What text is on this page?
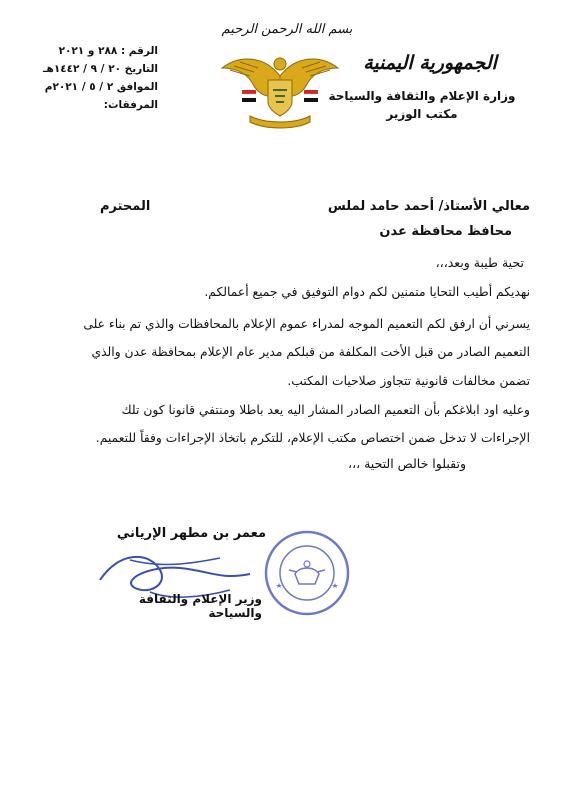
الجمهورية اليمنية
وزارة الإعلام والثقافة والسياحة
مكتب الوزير
بسم الله الرحمن الرحيم
الرقم : ٢٨٨ و ٢٠٢١
التاريخ ٢٠ / ٩ / ١٤٤٢هـ
الموافق ٢ / ٥ / ٢٠٢١م
المرفقات:
معالي الأستاذ/ أحمد حامد لملس
المحترم
محافظ محافظة عدن
تحية طيبة وبعد،،،
نهديكم أطيب التحايا متمنين لكم دوام التوفيق في جميع أعمالكم.
يسرني أن ارفق لكم التعميم الموجه لمدراء عموم الإعلام بالمحافظات والذي تم بناء على
التعميم الصادر من قبل الأخت المكلفة من قبلكم مدير عام الإعلام بمحافظة عدن والذي
تضمن مخالفات قانونية تتجاوز صلاحيات المكتب.
وعليه اود ابلاغكم بأن التعميم الصادر المشار اليه يعد باطلا ومنتفي قانونا كون تلك
الإجراءات لا تدخل ضمن اختصاص مكتب الإعلام، للتكرم باتخاذ الإجراءات وفقاً للتعميم.
وتقبلوا خالص التحية ،،،
معمر بن مطهر الإرياني
وزير الإعلام والثقافة والسياحة
